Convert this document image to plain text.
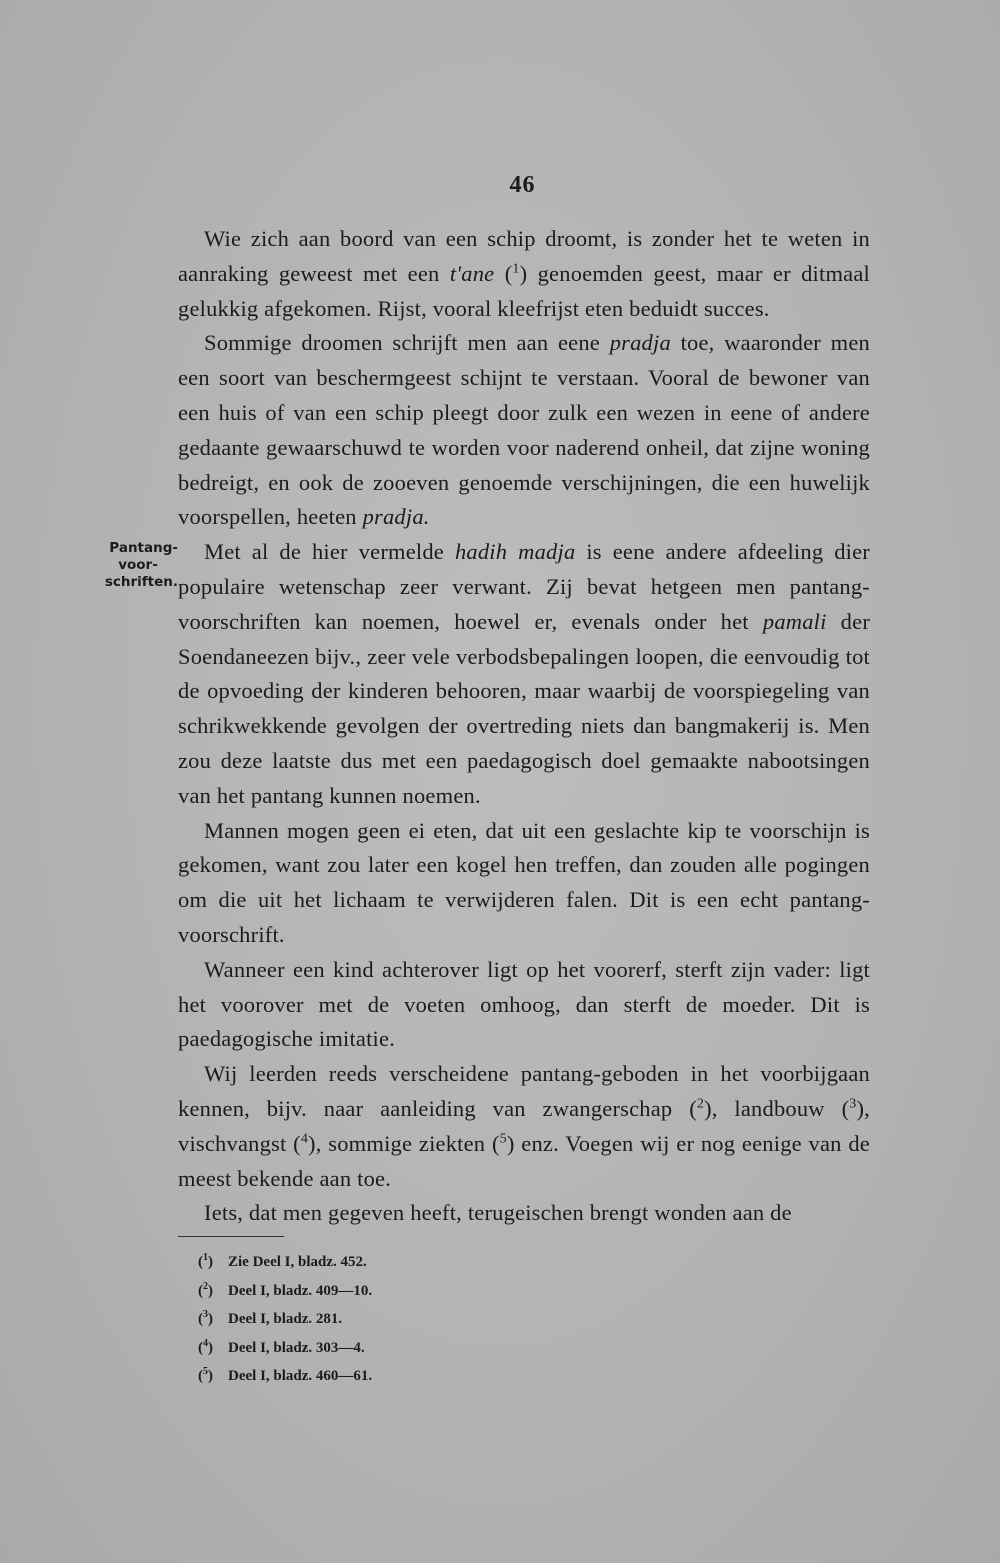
46
Pantang-
voor-
schriften.

Wie zich aan boord van een schip droomt, is zonder het te weten in aanraking geweest met een t'ane ($^1$) genoemden geest, maar er ditmaal gelukkig afgekomen. Rijst, vooral kleefrijst eten beduidt succes.

Sommige droomen schrijft men aan eene pradja toe, waaronder men een soort van beschermgeest schijnt te verstaan. Vooral de bewoner van een huis of van een schip pleegt door zulk een wezen in eene of andere gedaante gewaarschuwd te worden voor naderend onheil, dat zijne woning bedreigt, en ook de zooeven genoemde verschijningen, die een huwelijk voorspellen, heeten pradja.

Met al de hier vermelde hadih madja is eene andere afdeeling dier populaire wetenschap zeer verwant. Zij bevat hetgeen men pantang-voorschriften kan noemen, hoewel er, evenals onder het pamali der Soendaneezen bijv., zeer vele verbodsbepalingen loopen, die eenvoudig tot de opvoeding der kinderen behooren, maar waarbij de voorspiegeling van schrikwekkende gevolgen der overtreding niets dan bangmakerij is. Men zou deze laatste dus met een paedagogisch doel gemaakte nabootsingen van het pantang kunnen noemen.

Mannen mogen geen ei eten, dat uit een geslachte kip te voorschijn is gekomen, want zou later een kogel hen treffen, dan zouden alle pogingen om die uit het lichaam te verwijderen falen. Dit is een echt pantang-voorschrift.

Wanneer een kind achterover ligt op het voorerf, sterft zijn vader: ligt het voorover met de voeten omhoog, dan sterft de moeder. Dit is paedagogische imitatie.

Wij leerden reeds verscheidene pantang-geboden in het voorbijgaan kennen, bijv. naar aanleiding van zwangerschap ($^2$), landbouw ($^3$), vischvangst ($^4$), sommige ziekten ($^5$) enz. Voegen wij er nog eenige van de meest bekende aan toe.

Iets, dat men gegeven heeft, terugeischen brengt wonden aan de

($^1$) Zie Deel I, bladz. 452.
($^2$) Deel I, bladz. 409—10.
($^3$) Deel I, bladz. 281.
($^4$) Deel I, bladz. 303—4.
($^5$) Deel I, bladz. 460—61.
